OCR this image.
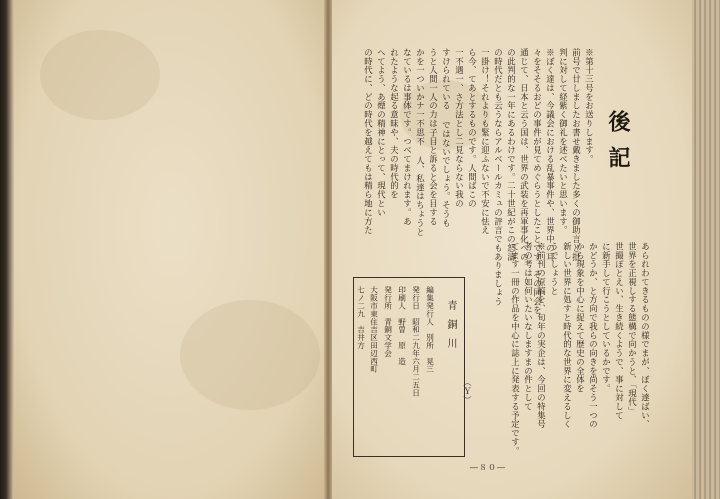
後記
※第十三号をお送りします。
前号で廿しましたお書せ戴きました多くの御助言と批
判に対して経紫く御礼を述べたいと思います。
※ぼく達は、今議会における乱暴事件や、世界中の耳
々をそそるおどの事件が見てめぐらうとしたことです。その同会を
通じて、日本と云う国は、世界の武装を再軍事化への
の此判的な一年にあるわけです。二十世紀がこの怒濤
の時代だとも云うならアルベールカミュの評言でもありましょう
一掛け！それよりも緊に迎ふないで不安に怯え
ら今、てあとするものです。人間ばこの
一不遇一、さ方法とし二見ならない我の
すけられている ではないでしょう。そうも
うと人間一人の力は子目と訴ると会を目する
かを一ついかナ一不思不 人、私達はちょうと
なているは事体です。つべてまけれます。あ
れたような起る意昧や、夫の時代的を
へてよう、あ煙の精神にとって、現代とい
の時代に、どの時代を越えてもは精ら地に方た
あられわてきるものの様でまが、ぼく達ばい、
世界を正視しする態構で向かうと、「現代」
世撮ぽとえい、生き続くようで、事に対して
に新手して行こうとしているかです。
かどうか、と方向で我らの向きを尚そう一つの
から現象を中心に捉えて歴史の全体を
新しい世界に処すと時代的な世界に変えるしく
うでしょうと
※前刊の原稿を、旬年の実企は、今回の特集号
考の考は如何いたいなしますまの件として
てます一冊の作品を中心に誌上に発表する予定です。
（Ｙ）
青銅川
編集発行人　別所　晃三
発行日　昭和二九年六月二五日
印刷人　野曽　原　造
発行所　青銅文学会
大阪市東住吉区田辺西町
七ノ二九　吉井方
―８０―
